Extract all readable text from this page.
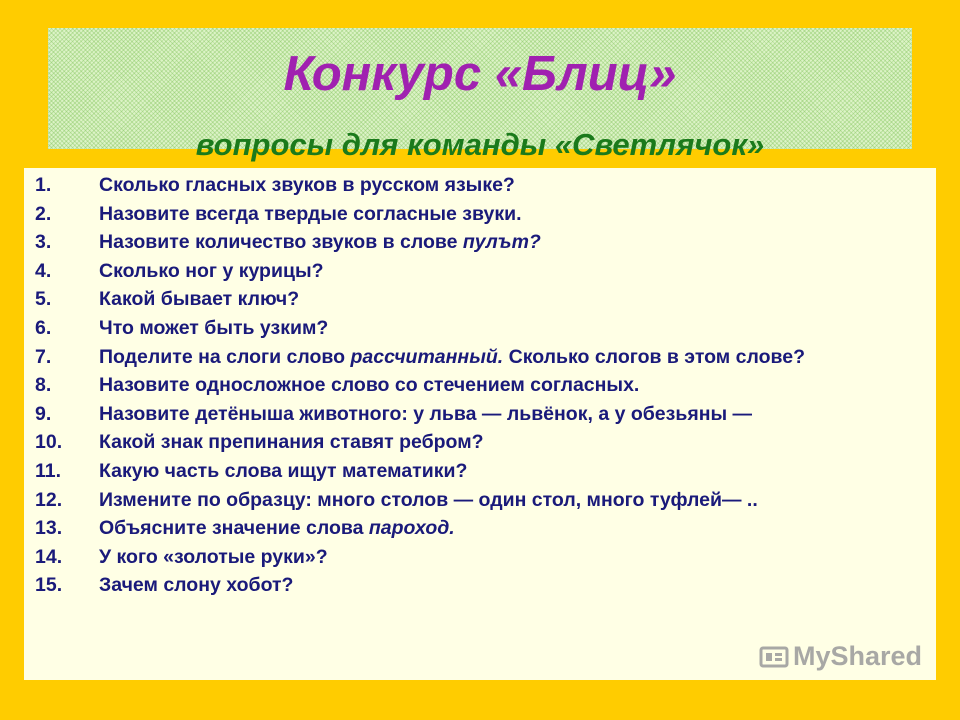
Конкурс «Блиц»
вопросы для команды «Светлячок»
1.	Сколько гласных звуков в русском языке?
2.	Назовите всегда твердые согласные звуки.
3.	Назовите количество звуков в слове пулът?
4.	Сколько ног у курицы?
5.	Какой бывает ключ?
6.	Что может быть узким?
7.	Поделите на слоги слово рассчитанный. Сколько слогов в этом слове?
8.	Назовите односложное слово со стечением согласных.
9.	Назовите детёныша животного: у льва — львёнок, а у обезьяны —
10.	Какой знак препинания ставят ребром?
11.	Какую часть слова ищут математики?
12.	Измените по образцу: много столов — один стол, много туфлей— ..
13.	Объясните значение слова пароход.
14.	У кого «золотые руки»?
15.	Зачем слону хобот?
MyShared
